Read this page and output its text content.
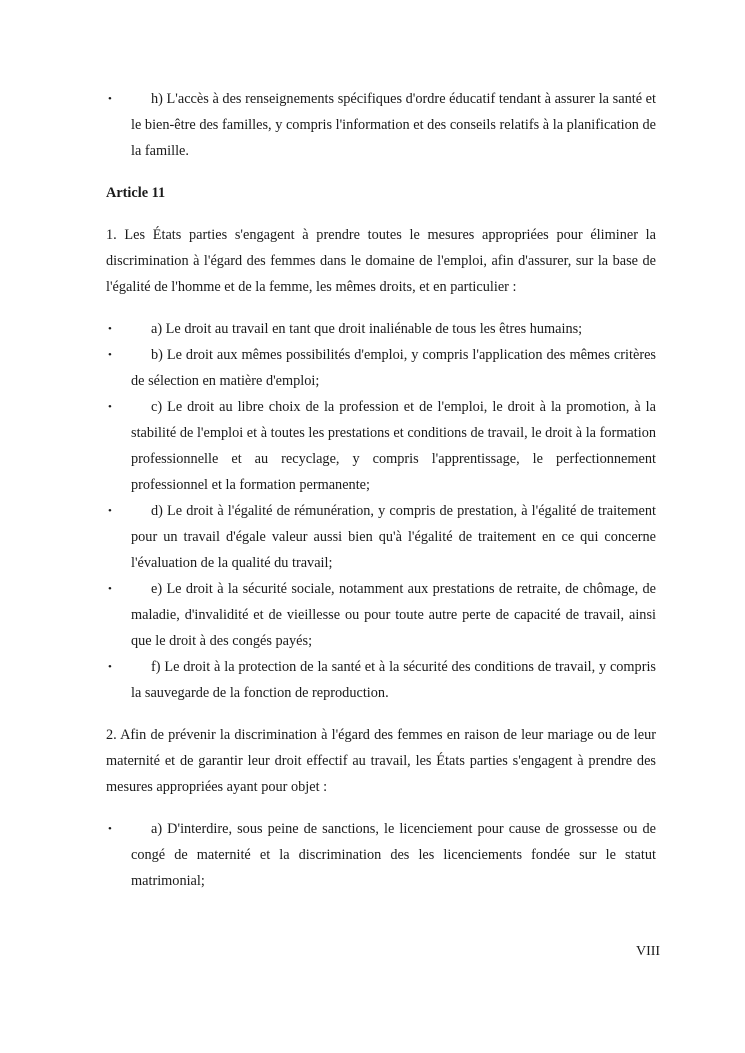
•	h) L'accès à des renseignements spécifiques d'ordre éducatif tendant à assurer la santé et le bien-être des familles, y compris l'information et des conseils relatifs à la planification de la famille.
Article 11
1. Les États parties s'engagent à prendre toutes le mesures appropriées pour éliminer la discrimination à l'égard des femmes dans le domaine de l'emploi, afin d'assurer, sur la base de l'égalité de l'homme et de la femme, les mêmes droits, et en particulier :
•	a) Le droit au travail en tant que droit inaliénable de tous les êtres humains;
•	b) Le droit aux mêmes possibilités d'emploi, y compris l'application des mêmes critères de sélection en matière d'emploi;
•	c) Le droit au libre choix de la profession et de l'emploi, le droit à la promotion, à la stabilité de l'emploi et à toutes les prestations et conditions de travail, le droit à la formation professionnelle et au recyclage, y compris l'apprentissage, le perfectionnement professionnel et la formation permanente;
•	d) Le droit à l'égalité de rémunération, y compris de prestation, à l'égalité de traitement pour un travail d'égale valeur aussi bien qu'à l'égalité de traitement en ce qui concerne l'évaluation de la qualité du travail;
•	e) Le droit à la sécurité sociale, notamment aux prestations de retraite, de chômage, de maladie, d'invalidité et de vieillesse ou pour toute autre perte de capacité de travail, ainsi que le droit à des congés payés;
•	f) Le droit à la protection de la santé et à la sécurité des conditions de travail, y compris la sauvegarde de la fonction de reproduction.
2. Afin de prévenir la discrimination à l'égard des femmes en raison de leur mariage ou de leur maternité et de garantir leur droit effectif au travail, les États parties s'engagent à prendre des mesures appropriées ayant pour objet :
•	a) D'interdire, sous peine de sanctions, le licenciement pour cause de grossesse ou de congé de maternité et la discrimination des les licenciements fondée sur le statut matrimonial;
VIII
